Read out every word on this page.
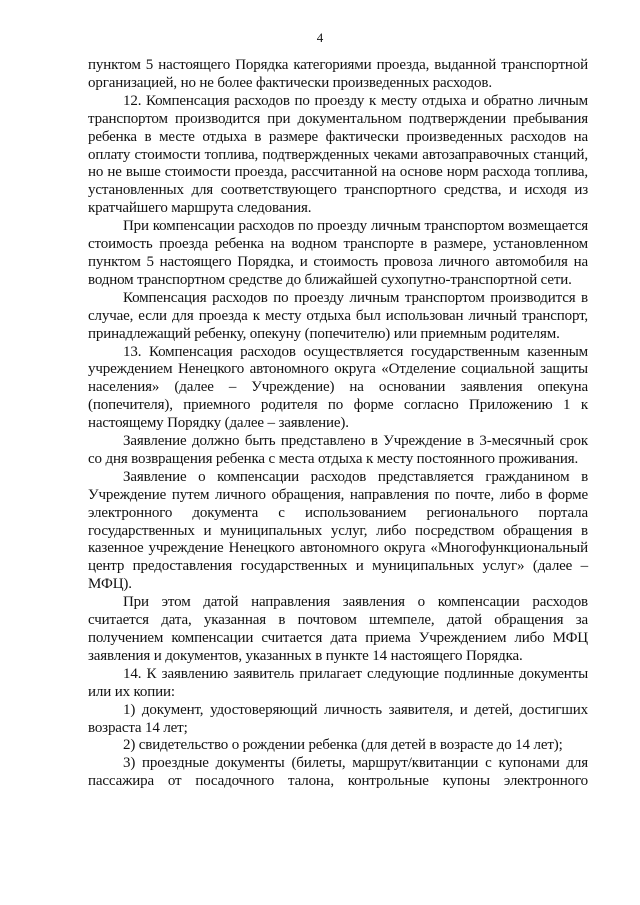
4

пунктом 5 настоящего Порядка категориями проезда, выданной транспортной организацией, но не более фактически произведенных расходов.

12. Компенсация расходов по проезду к месту отдыха и обратно личным транспортом производится при документальном подтверждении пребывания ребенка в месте отдыха в размере фактически произведенных расходов на оплату стоимости топлива, подтвержденных чеками автозаправочных станций, но не выше стоимости проезда, рассчитанной на основе норм расхода топлива, установленных для соответствующего транспортного средства, и исходя из кратчайшего маршрута следования.

При компенсации расходов по проезду личным транспортом возмещается стоимость проезда ребенка на водном транспорте в размере, установленном пунктом 5 настоящего Порядка, и стоимость провоза личного автомобиля на водном транспортном средстве до ближайшей сухопутно-транспортной сети.

Компенсация расходов по проезду личным транспортом производится в случае, если для проезда к месту отдыха был использован личный транспорт, принадлежащий ребенку, опекуну (попечителю) или приемным родителям.

13. Компенсация расходов осуществляется государственным казенным учреждением Ненецкого автономного округа «Отделение социальной защиты населения» (далее – Учреждение) на основании заявления опекуна (попечителя), приемного родителя по форме согласно Приложению 1 к настоящему Порядку (далее – заявление).

Заявление должно быть представлено в Учреждение в 3-месячный срок со дня возвращения ребенка с места отдыха к месту постоянного проживания.

Заявление о компенсации расходов представляется гражданином в Учреждение путем личного обращения, направления по почте, либо в форме электронного документа с использованием регионального портала государственных и муниципальных услуг, либо посредством обращения в казенное учреждение Ненецкого автономного округа «Многофункциональный центр предоставления государственных и муниципальных услуг» (далее – МФЦ).

При этом датой направления заявления о компенсации расходов считается дата, указанная в почтовом штемпеле, датой обращения за получением компенсации считается дата приема Учреждением либо МФЦ заявления и документов, указанных в пункте 14 настоящего Порядка.

14. К заявлению заявитель прилагает следующие подлинные документы или их копии:

1) документ, удостоверяющий личность заявителя, и детей, достигших возраста 14 лет;

2) свидетельство о рождении ребенка (для детей в возрасте до 14 лет);

3) проездные документы (билеты, маршрут/квитанции с купонами для пассажира от посадочного талона, контрольные купоны электронного
